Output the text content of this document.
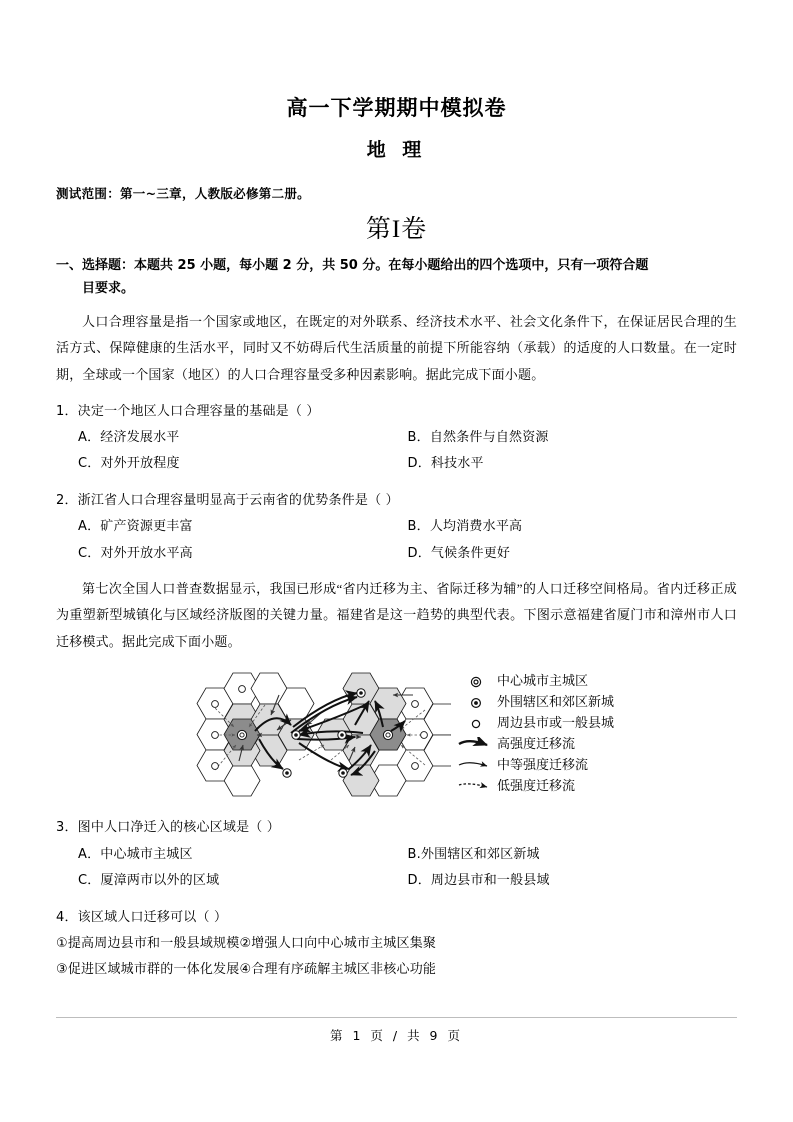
高一下学期期中模拟卷
地 理
测试范围：第一~三章，人教版必修第二册。
第I卷
一、选择题：本题共 25 小题，每小题 2 分，共 50 分。在每小题给出的四个选项中，只有一项符合题
目要求。
人口合理容量是指一个国家或地区，在既定的对外联系、经济技术水平、社会文化条件下，在保证居民合理的生活方式、保障健康的生活水平，同时又不妨碍后代生活质量的前提下所能容纳（承载）的适度的人口数量。在一定时期，全球或一个国家（地区）的人口合理容量受多种因素影响。据此完成下面小题。
1．决定一个地区人口合理容量的基础是（ ）
A．经济发展水平	B．自然条件与自然资源
C．对外开放程度	D．科技水平
2．浙江省人口合理容量明显高于云南省的优势条件是（ ）
A．矿产资源更丰富	B．人均消费水平高
C．对外开放水平高	D．气候条件更好
第七次全国人口普查数据显示，我国已形成“省内迁移为主、省际迁移为辅”的人口迁移空间格局。省内迁移正成为重塑新型城镇化与区域经济版图的关键力量。福建省是这一趋势的典型代表。下图示意福建省厦门市和漳州市人口迁移模式。据此完成下面小题。
中心城市主城区
外围辖区和郊区新城
周边县市或一般县城
高强度迁移流
中等强度迁移流
低强度迁移流
3．图中人口净迁入的核心区域是（ ）
A．中心城市主城区	B.外围辖区和郊区新城
C．厦漳两市以外的区域	D．周边县市和一般县域
4．该区域人口迁移可以（ ）
①提高周边县市和一般县域规模②增强人口向中心城市主城区集聚
③促进区域城市群的一体化发展④合理有序疏解主城区非核心功能
第 1 页 / 共 9 页
